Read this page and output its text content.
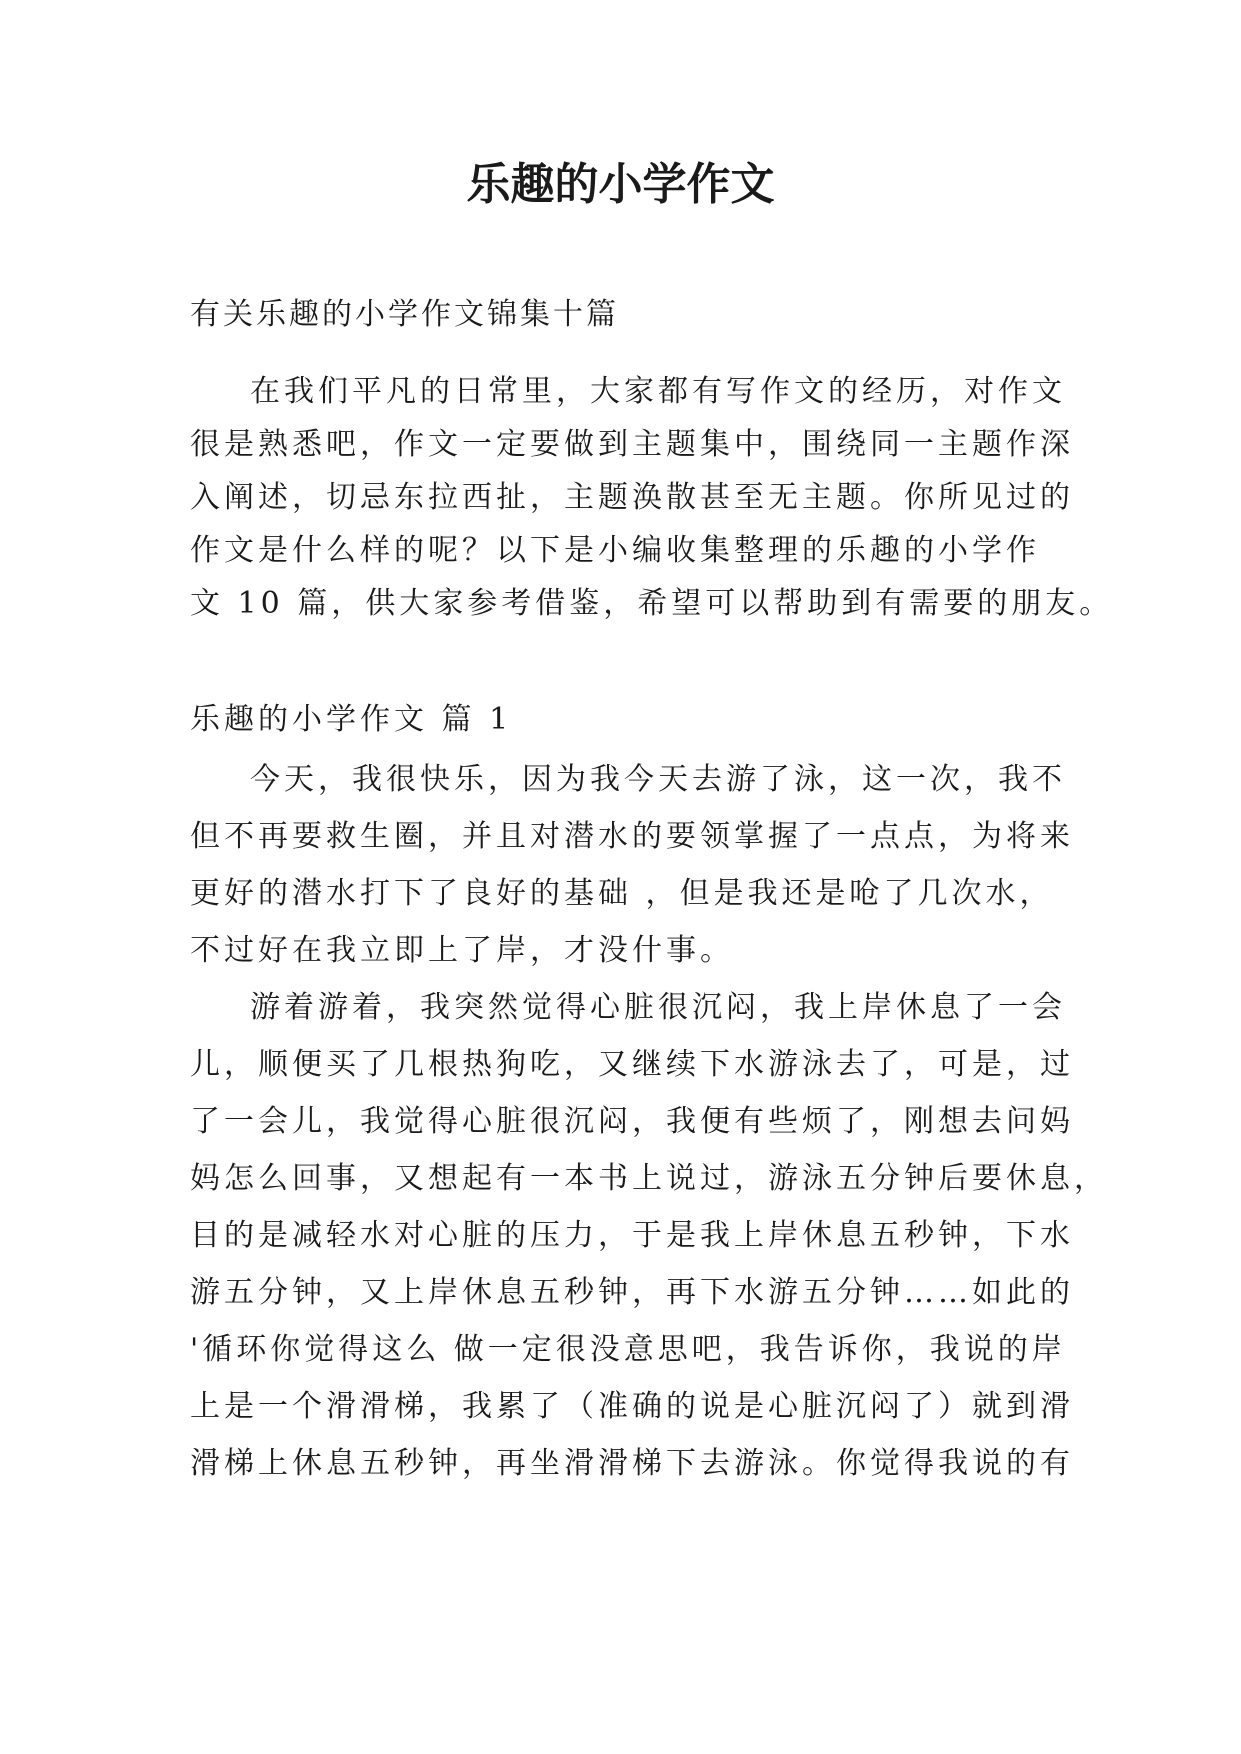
乐趣的小学作文

有关乐趣的小学作文锦集十篇

在我们平凡的日常里，大家都有写作文的经历，对作文

很是熟悉吧，作文一定要做到主题集中，围绕同一主题作深

入阐述，切忌东拉西扯，主题涣散甚至无主题。你所见过的

作文是什么样的呢？以下是小编收集整理的乐趣的小学作

文 10 篇，供大家参考借鉴，希望可以帮助到有需要的朋友。

乐趣的小学作文 篇 1

今天，我很快乐，因为我今天去游了泳，这一次，我不

但不再要救生圈，并且对潜水的要领掌握了一点点，为将来

更好的潜水打下了良好的基础 ，但是我还是呛了几次水，

不过好在我立即上了岸，才没什事。

游着游着，我突然觉得心脏很沉闷，我上岸休息了一会

儿，顺便买了几根热狗吃，又继续下水游泳去了，可是，过

了一会儿，我觉得心脏很沉闷，我便有些烦了，刚想去问妈

妈怎么回事，又想起有一本书上说过，游泳五分钟后要休息，

目的是减轻水对心脏的压力，于是我上岸休息五秒钟，下水

游五分钟，又上岸休息五秒钟，再下水游五分钟……如此的

'循环你觉得这么 做一定很没意思吧，我告诉你，我说的岸

上是一个滑滑梯，我累了（准确的说是心脏沉闷了）就到滑

滑梯上休息五秒钟，再坐滑滑梯下去游泳。你觉得我说的有
